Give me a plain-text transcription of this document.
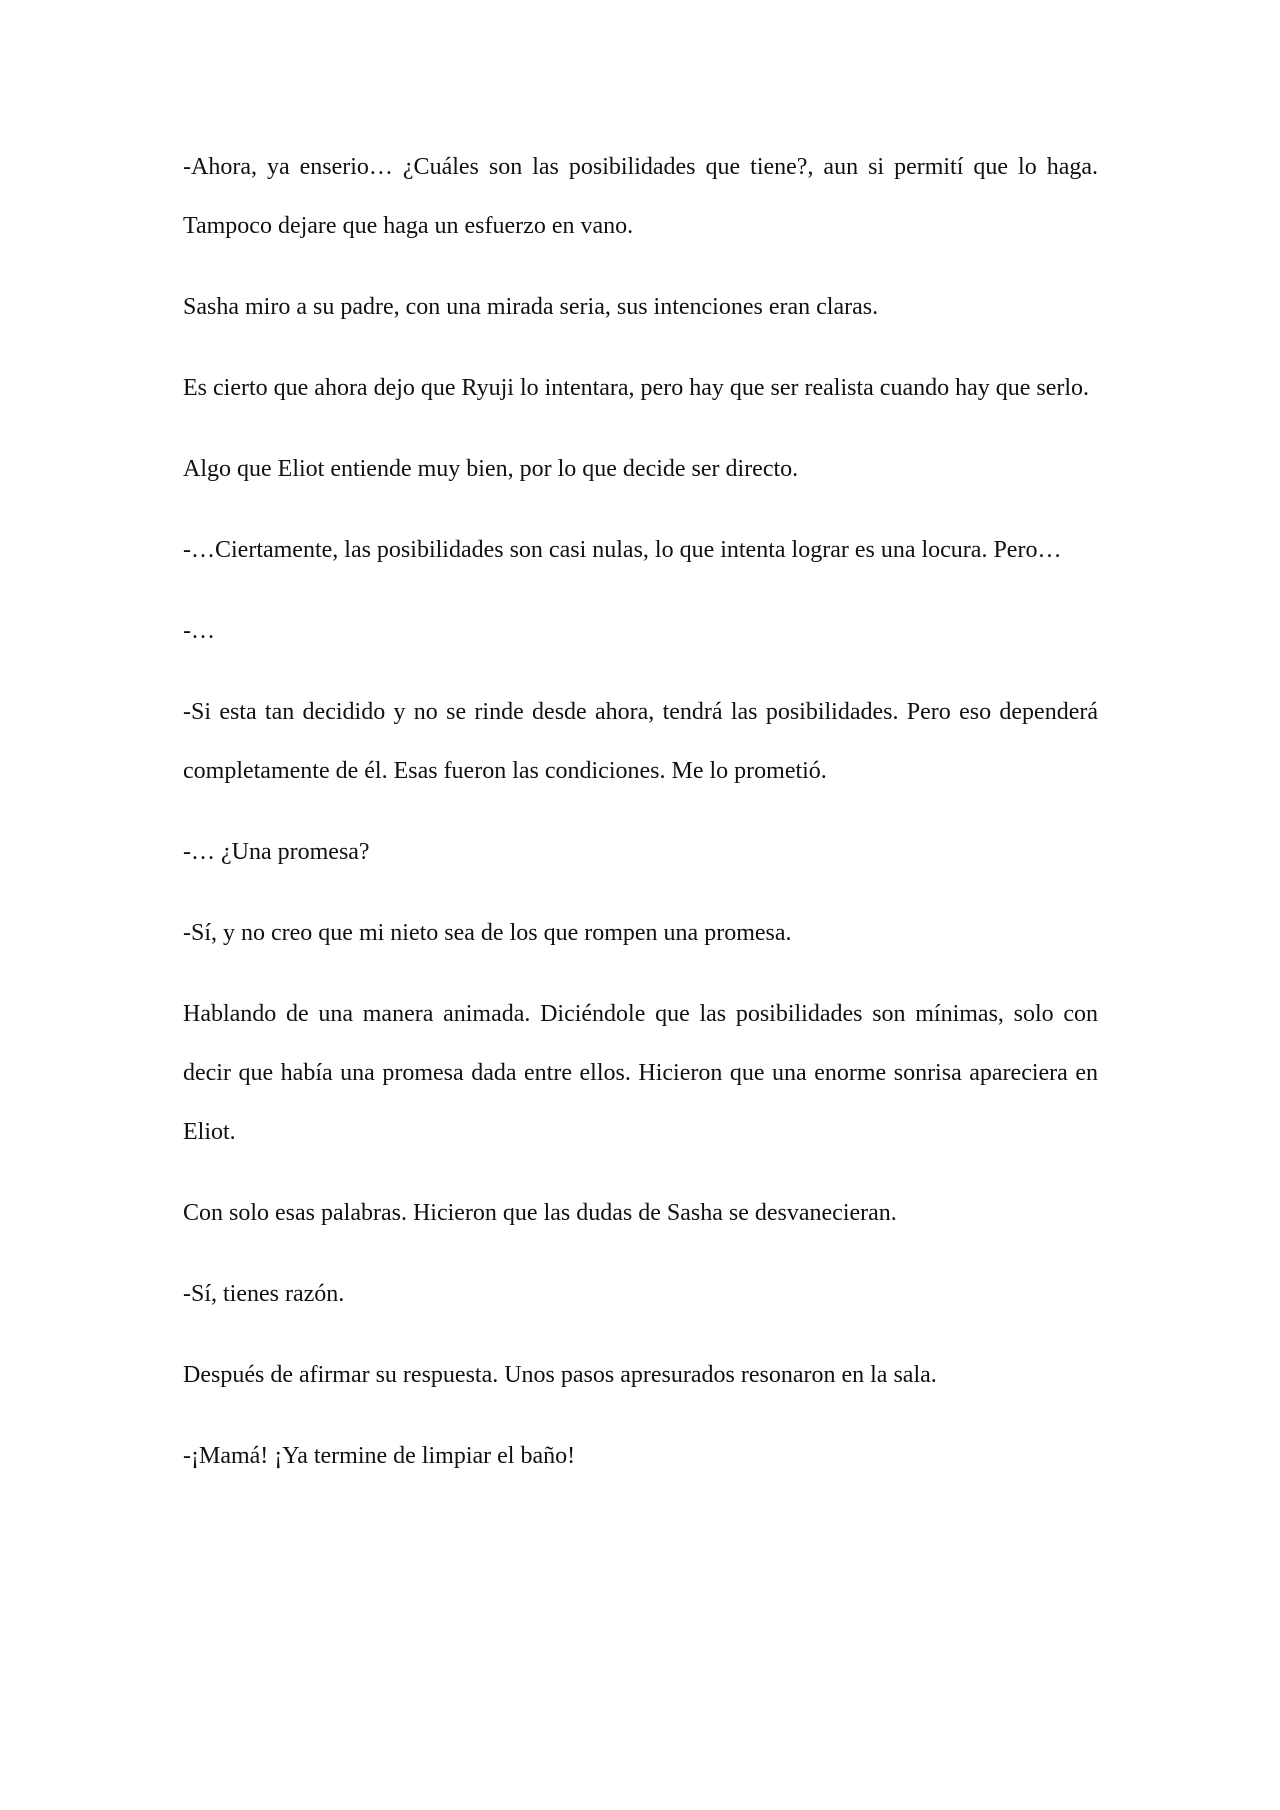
-Ahora, ya enserio… ¿Cuáles son las posibilidades que tiene?, aun si permití que lo haga. Tampoco dejare que haga un esfuerzo en vano.

Sasha miro a su padre, con una mirada seria, sus intenciones eran claras.

Es cierto que ahora dejo que Ryuji lo intentara, pero hay que ser realista cuando hay que serlo.

Algo que Eliot entiende muy bien, por lo que decide ser directo.

-…Ciertamente, las posibilidades son casi nulas, lo que intenta lograr es una locura. Pero…

-…

-Si esta tan decidido y no se rinde desde ahora, tendrá las posibilidades. Pero eso dependerá completamente de él. Esas fueron las condiciones. Me lo prometió.

-… ¿Una promesa?

-Sí, y no creo que mi nieto sea de los que rompen una promesa.

Hablando de una manera animada. Diciéndole que las posibilidades son mínimas, solo con decir que había una promesa dada entre ellos. Hicieron que una enorme sonrisa apareciera en Eliot.

Con solo esas palabras. Hicieron que las dudas de Sasha se desvanecieran.

-Sí, tienes razón.

Después de afirmar su respuesta. Unos pasos apresurados resonaron en la sala.

-¡Mamá! ¡Ya termine de limpiar el baño!
